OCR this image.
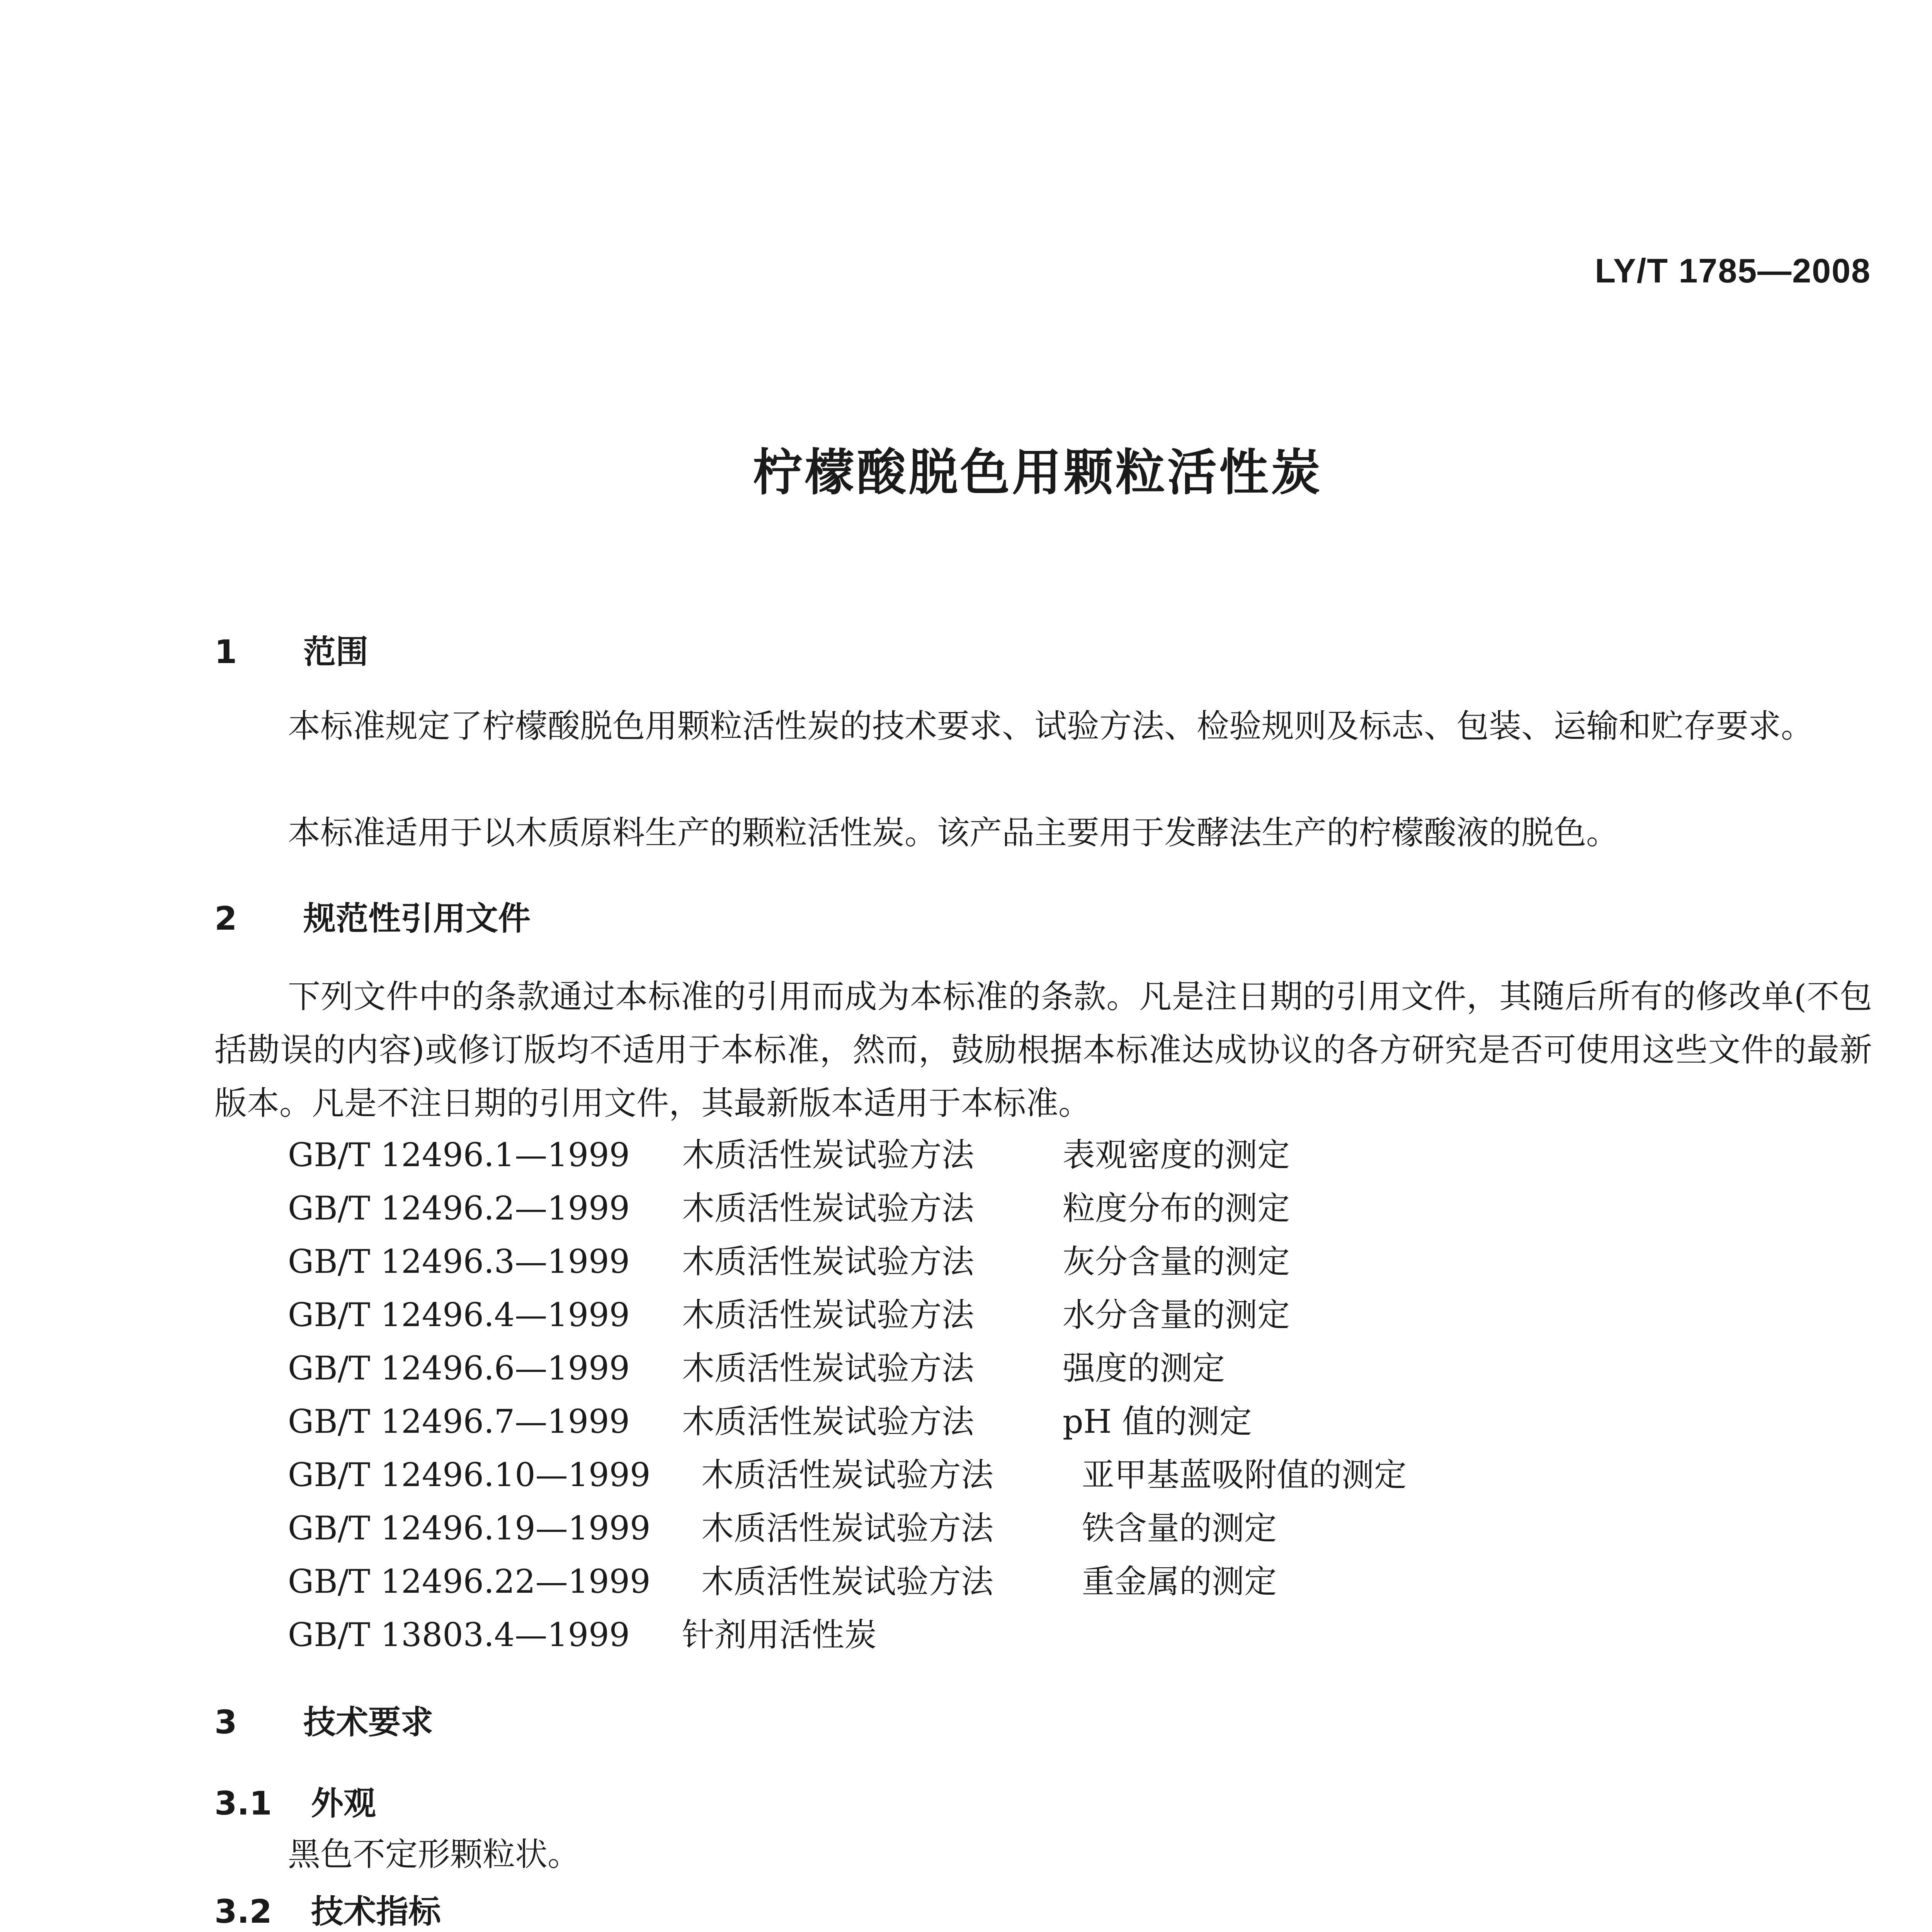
LY/T 1785—2008
柠檬酸脱色用颗粒活性炭
1 范围
本标准规定了柠檬酸脱色用颗粒活性炭的技术要求、试验方法、检验规则及标志、包装、运输和贮存要求。
本标准适用于以木质原料生产的颗粒活性炭。该产品主要用于发酵法生产的柠檬酸液的脱色。
2 规范性引用文件
下列文件中的条款通过本标准的引用而成为本标准的条款。凡是注日期的引用文件，其随后所有的修改单(不包括勘误的内容)或修订版均不适用于本标准，然而，鼓励根据本标准达成协议的各方研究是否可使用这些文件的最新版本。凡是不注日期的引用文件，其最新版本适用于本标准。
GB/T 12496.1—1999 木质活性炭试验方法	表观密度的测定
GB/T 12496.2—1999 木质活性炭试验方法	粒度分布的测定
GB/T 12496.3—1999 木质活性炭试验方法	灰分含量的测定
GB/T 12496.4—1999 木质活性炭试验方法	水分含量的测定
GB/T 12496.6—1999 木质活性炭试验方法	强度的测定
GB/T 12496.7—1999 木质活性炭试验方法	pH 值的测定
GB/T 12496.10—1999 木质活性炭试验方法	亚甲基蓝吸附值的测定
GB/T 12496.19—1999 木质活性炭试验方法	铁含量的测定
GB/T 12496.22—1999 木质活性炭试验方法	重金属的测定
GB/T 13803.4—1999 针剂用活性炭
3 技术要求
3.1 外观
黑色不定形颗粒状。
3.2 技术指标
